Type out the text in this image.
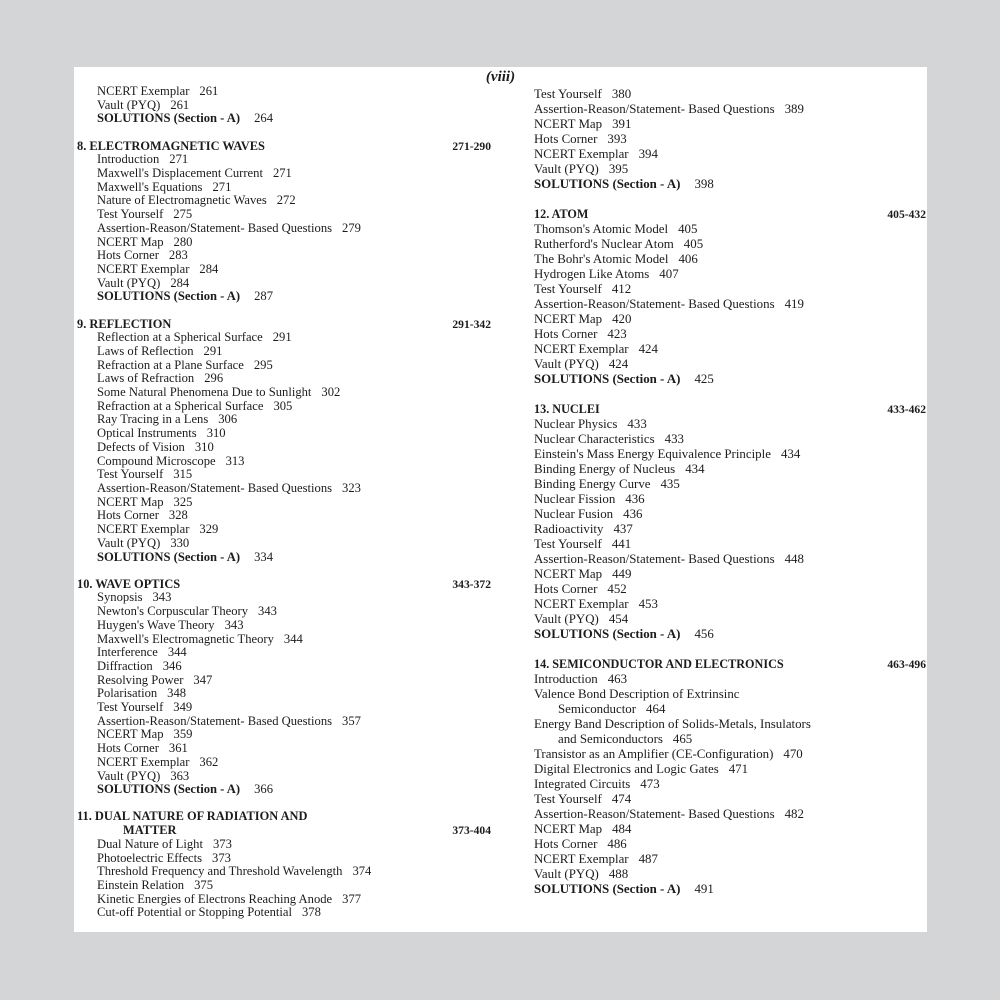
(viii)
NCERT Exemplar 261
Vault (PYQ) 261
SOLUTIONS (Section - A) 264
8. ELECTROMAGNETIC WAVES	271-290
Introduction 271
Maxwell's Displacement Current 271
Maxwell's Equations 271
Nature of Electromagnetic Waves 272
Test Yourself 275
Assertion-Reason/Statement- Based Questions 279
NCERT Map 280
Hots Corner 283
NCERT Exemplar 284
Vault (PYQ) 284
SOLUTIONS (Section - A) 287
9. REFLECTION	291-342
Reflection at a Spherical Surface 291
Laws of Reflection 291
Refraction at a Plane Surface 295
Laws of Refraction 296
Some Natural Phenomena Due to Sunlight 302
Refraction at a Spherical Surface 305
Ray Tracing in a Lens 306
Optical Instruments 310
Defects of Vision 310
Compound Microscope 313
Test Yourself 315
Assertion-Reason/Statement- Based Questions 323
NCERT Map 325
Hots Corner 328
NCERT Exemplar 329
Vault (PYQ) 330
SOLUTIONS (Section - A) 334
10. WAVE OPTICS	343-372
Synopsis 343
Newton's Corpuscular Theory 343
Huygen's Wave Theory 343
Maxwell's Electromagnetic Theory 344
Interference 344
Diffraction 346
Resolving Power 347
Polarisation 348
Test Yourself 349
Assertion-Reason/Statement- Based Questions 357
NCERT Map 359
Hots Corner 361
NCERT Exemplar 362
Vault (PYQ) 363
SOLUTIONS (Section - A) 366
11. DUAL NATURE OF RADIATION AND
MATTER	373-404
Dual Nature of Light 373
Photoelectric Effects 373
Threshold Frequency and Threshold Wavelength 374
Einstein Relation 375
Kinetic Energies of Electrons Reaching Anode 377
Cut-off Potential or Stopping Potential 378
Test Yourself 380
Assertion-Reason/Statement- Based Questions 389
NCERT Map 391
Hots Corner 393
NCERT Exemplar 394
Vault (PYQ) 395
SOLUTIONS (Section - A) 398
12. ATOM	405-432
Thomson's Atomic Model 405
Rutherford's Nuclear Atom 405
The Bohr's Atomic Model 406
Hydrogen Like Atoms 407
Test Yourself 412
Assertion-Reason/Statement- Based Questions 419
NCERT Map 420
Hots Corner 423
NCERT Exemplar 424
Vault (PYQ) 424
SOLUTIONS (Section - A) 425
13. NUCLEI	433-462
Nuclear Physics 433
Nuclear Characteristics 433
Einstein's Mass Energy Equivalence Principle 434
Binding Energy of Nucleus 434
Binding Energy Curve 435
Nuclear Fission 436
Nuclear Fusion 436
Radioactivity 437
Test Yourself 441
Assertion-Reason/Statement- Based Questions 448
NCERT Map 449
Hots Corner 452
NCERT Exemplar 453
Vault (PYQ) 454
SOLUTIONS (Section - A) 456
14. SEMICONDUCTOR AND ELECTRONICS	463-496
Introduction 463
Valence Bond Description of Extrinsinc
Semiconductor 464
Energy Band Description of Solids-Metals, Insulators
and Semiconductors 465
Transistor as an Amplifier (CE-Configuration) 470
Digital Electronics and Logic Gates 471
Integrated Circuits 473
Test Yourself 474
Assertion-Reason/Statement- Based Questions 482
NCERT Map 484
Hots Corner 486
NCERT Exemplar 487
Vault (PYQ) 488
SOLUTIONS (Section - A) 491
